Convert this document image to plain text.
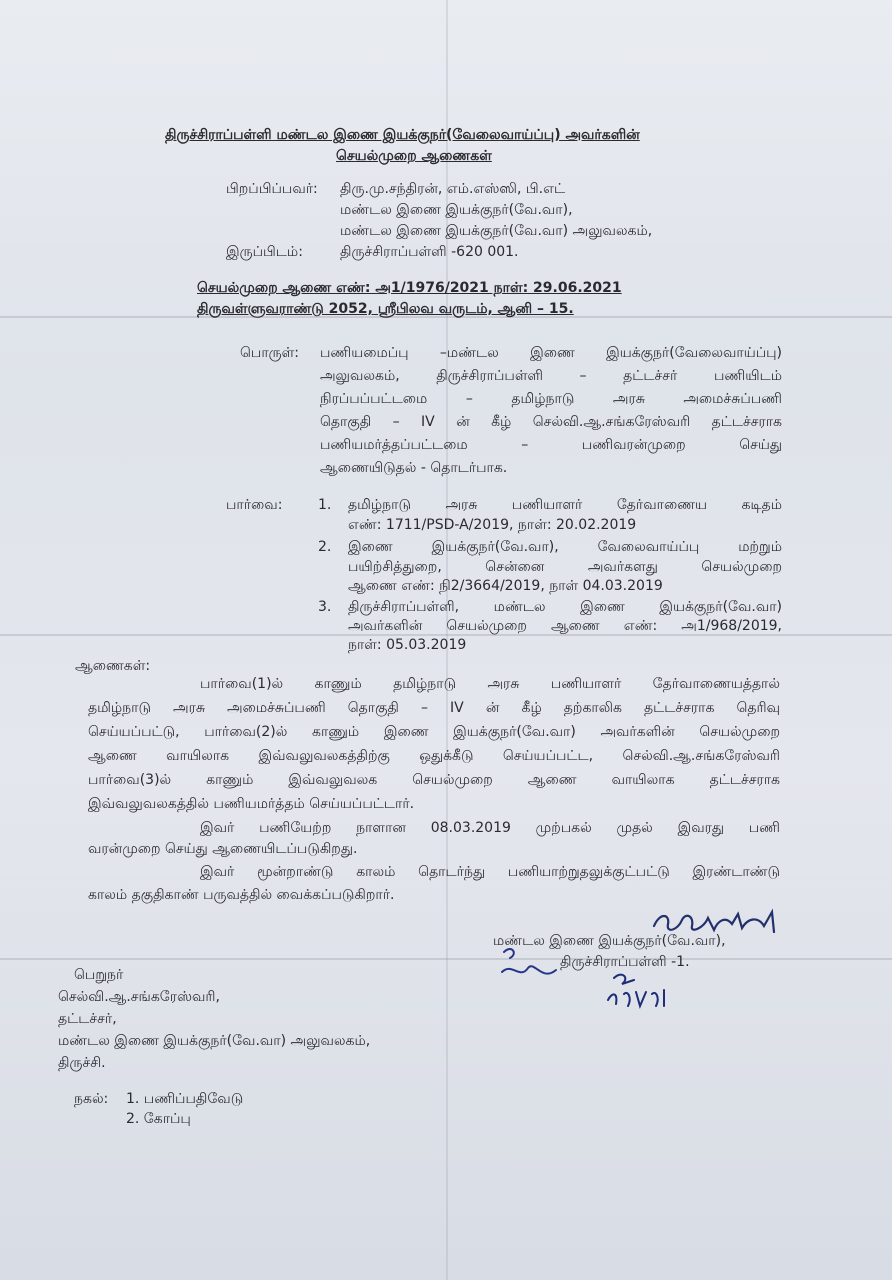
திருச்சிராப்பள்ளி மண்டல இணை இயக்குநர்(வேலைவாய்ப்பு) அவர்களின்
செயல்முறை ஆணைகள்
பிறப்பிப்பவர்: திரு.மு.சந்திரன், எம்.எஸ்ஸி, பி.எட்
மண்டல இணை இயக்குநர்(வே.வா),
மண்டல இணை இயக்குநர்(வே.வா) அலுவலகம்,
இருப்பிடம்:	திருச்சிராப்பள்ளி -620 001.
செயல்முறை ஆணை எண்: அ1/1976/2021 நாள்: 29.06.2021
திருவள்ளுவராண்டு 2052, ஸ்ரீபிலவ வருடம், ஆனி – 15.
பொருள்: பணியமைப்பு –மண்டல இணை இயக்குநர்(வேலைவாய்ப்பு)
அலுவலகம், திருச்சிராப்பள்ளி – தட்டச்சர் பணியிடம்
நிரப்பப்பட்டமை – தமிழ்நாடு அரசு அமைச்சுப்பணி
தொகுதி – IV ன் கீழ் செல்வி.ஆ.சங்கரேஸ்வரி தட்டச்சராக
பணியமர்த்தப்பட்டமை – பணிவரன்முறை செய்து
ஆணையிடுதல் - தொடர்பாக.
பார்வை:	1. தமிழ்நாடு அரசு பணியாளர் தேர்வாணைய கடிதம்
எண்: 1711/PSD-A/2019, நாள்: 20.02.2019
2. இணை இயக்குநர்(வே.வா), வேலைவாய்ப்பு மற்றும்
பயிற்சித்துறை, சென்னை அவர்களது செயல்முறை
ஆணை எண்: நி2/3664/2019, நாள் 04.03.2019
3. திருச்சிராப்பள்ளி, மண்டல இணை இயக்குநர்(வே.வா)
அவர்களின் செயல்முறை ஆணை எண்: அ1/968/2019,
நாள்: 05.03.2019
ஆணைகள்:
பார்வை(1)ல் காணும் தமிழ்நாடு அரசு பணியாளர் தேர்வாணையத்தால்
தமிழ்நாடு அரசு அமைச்சுப்பணி தொகுதி – IV ன் கீழ் தற்காலிக தட்டச்சராக தெரிவு
செய்யப்பட்டு, பார்வை(2)ல் காணும் இணை இயக்குநர்(வே.வா) அவர்களின் செயல்முறை
ஆணை வாயிலாக இவ்வலுவலகத்திற்கு ஒதுக்கீடு செய்யப்பட்ட, செல்வி.ஆ.சங்கரேஸ்வரி
பார்வை(3)ல் காணும் இவ்வலுவலக செயல்முறை ஆணை வாயிலாக தட்டச்சராக
இவ்வலுவலகத்தில் பணியமர்த்தம் செய்யப்பட்டார்.
இவர் பணியேற்ற நாளான 08.03.2019 முற்பகல் முதல் இவரது பணி
வரன்முறை செய்து ஆணையிடப்படுகிறது.
இவர் மூன்றாண்டு காலம் தொடர்ந்து பணியாற்றுதலுக்குட்பட்டு இரண்டாண்டு
காலம் தகுதிகாண் பருவத்தில் வைக்கப்படுகிறார்.
மண்டல இணை இயக்குநர்(வே.வா),
திருச்சிராப்பள்ளி -1.
பெறுநர்
செல்வி.ஆ.சங்கரேஸ்வரி,
தட்டச்சர்,
மண்டல இணை இயக்குநர்(வே.வா) அலுவலகம்,
திருச்சி.
நகல்: 1. பணிப்பதிவேடு
2. கோப்பு
